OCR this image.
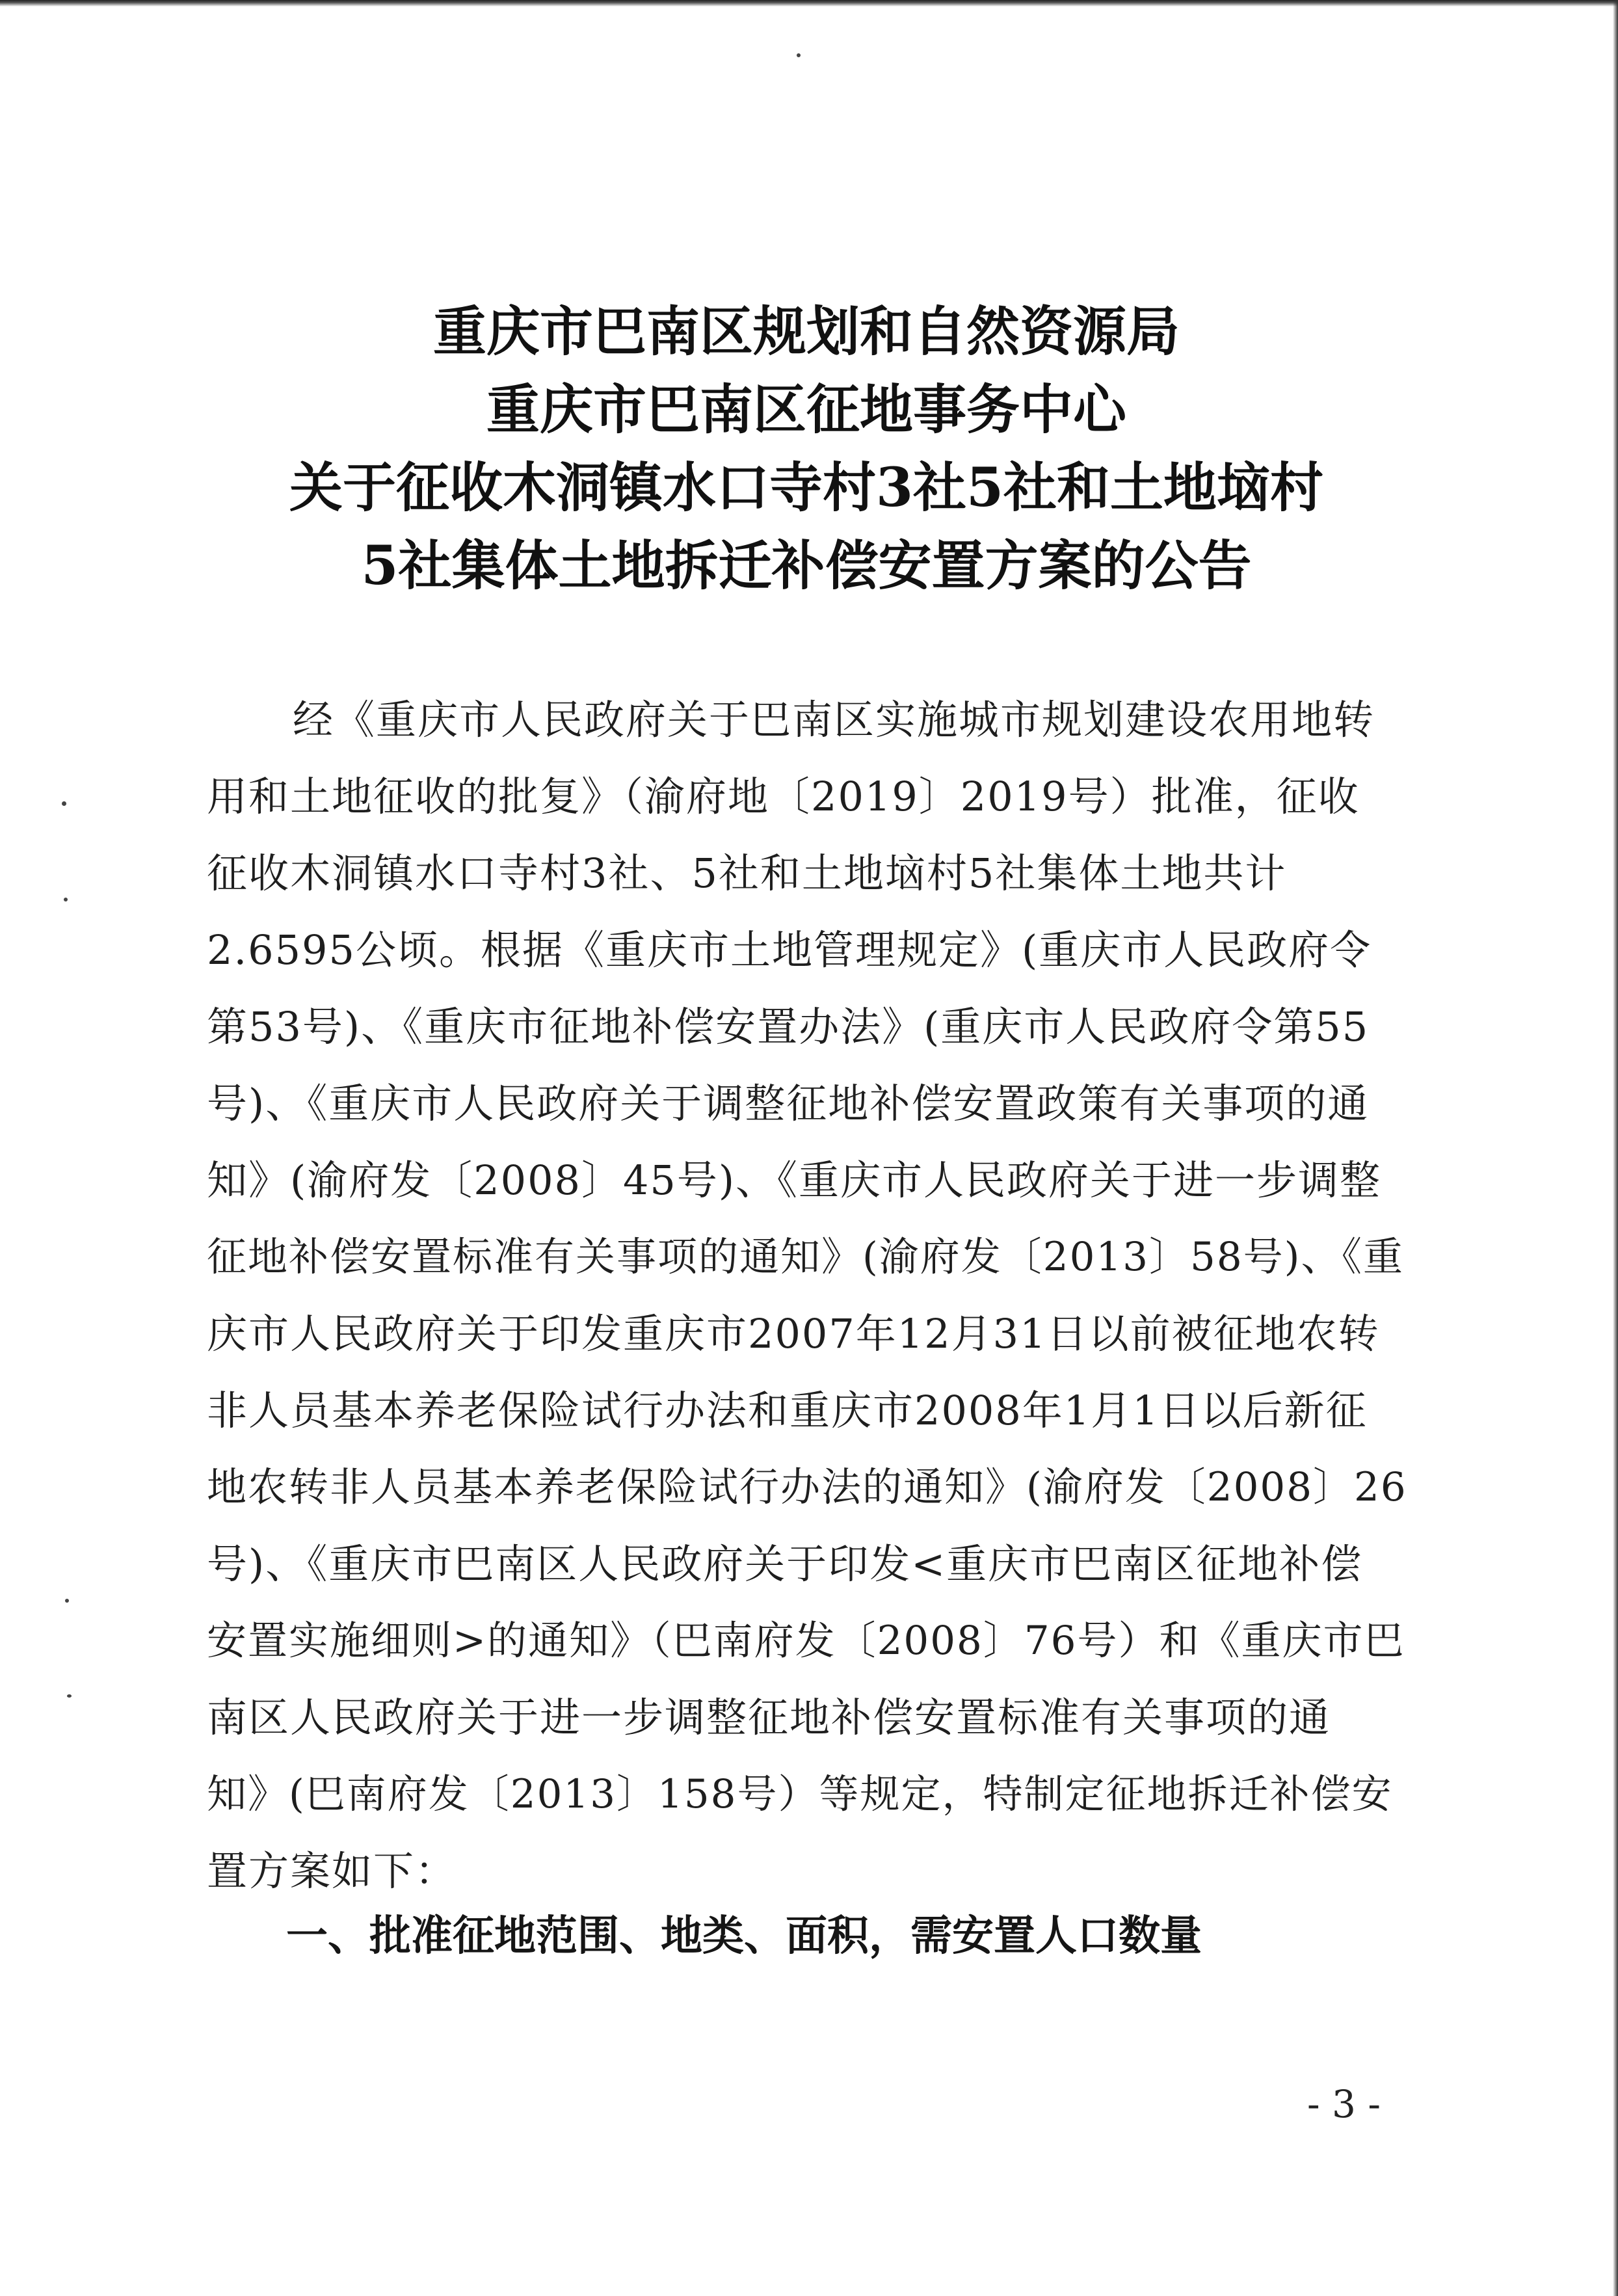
重庆市巴南区规划和自然资源局
重庆市巴南区征地事务中心
关于征收木洞镇水口寺村3社5社和土地垴村
5社集体土地拆迁补偿安置方案的公告
经《重庆市人民政府关于巴南区实施城市规划建设农用地转
用和土地征收的批复》（渝府地〔2019〕2019号）批准，征收
征收木洞镇水口寺村3社、5社和土地垴村5社集体土地共计
2.6595公顷。根据《重庆市土地管理规定》(重庆市人民政府令
第53号)、《重庆市征地补偿安置办法》(重庆市人民政府令第55
号)、《重庆市人民政府关于调整征地补偿安置政策有关事项的通
知》(渝府发〔2008〕45号)、《重庆市人民政府关于进一步调整
征地补偿安置标准有关事项的通知》(渝府发〔2013〕58号)、《重
庆市人民政府关于印发重庆市2007年12月31日以前被征地农转
非人员基本养老保险试行办法和重庆市2008年1月1日以后新征
地农转非人员基本养老保险试行办法的通知》(渝府发〔2008〕26
号)、《重庆市巴南区人民政府关于印发<重庆市巴南区征地补偿
安置实施细则>的通知》（巴南府发〔2008〕76号）和《重庆市巴
南区人民政府关于进一步调整征地补偿安置标准有关事项的通
知》(巴南府发〔2013〕158号）等规定，特制定征地拆迁补偿安
置方案如下：
一、批准征地范围、地类、面积，需安置人口数量
- 3 -
